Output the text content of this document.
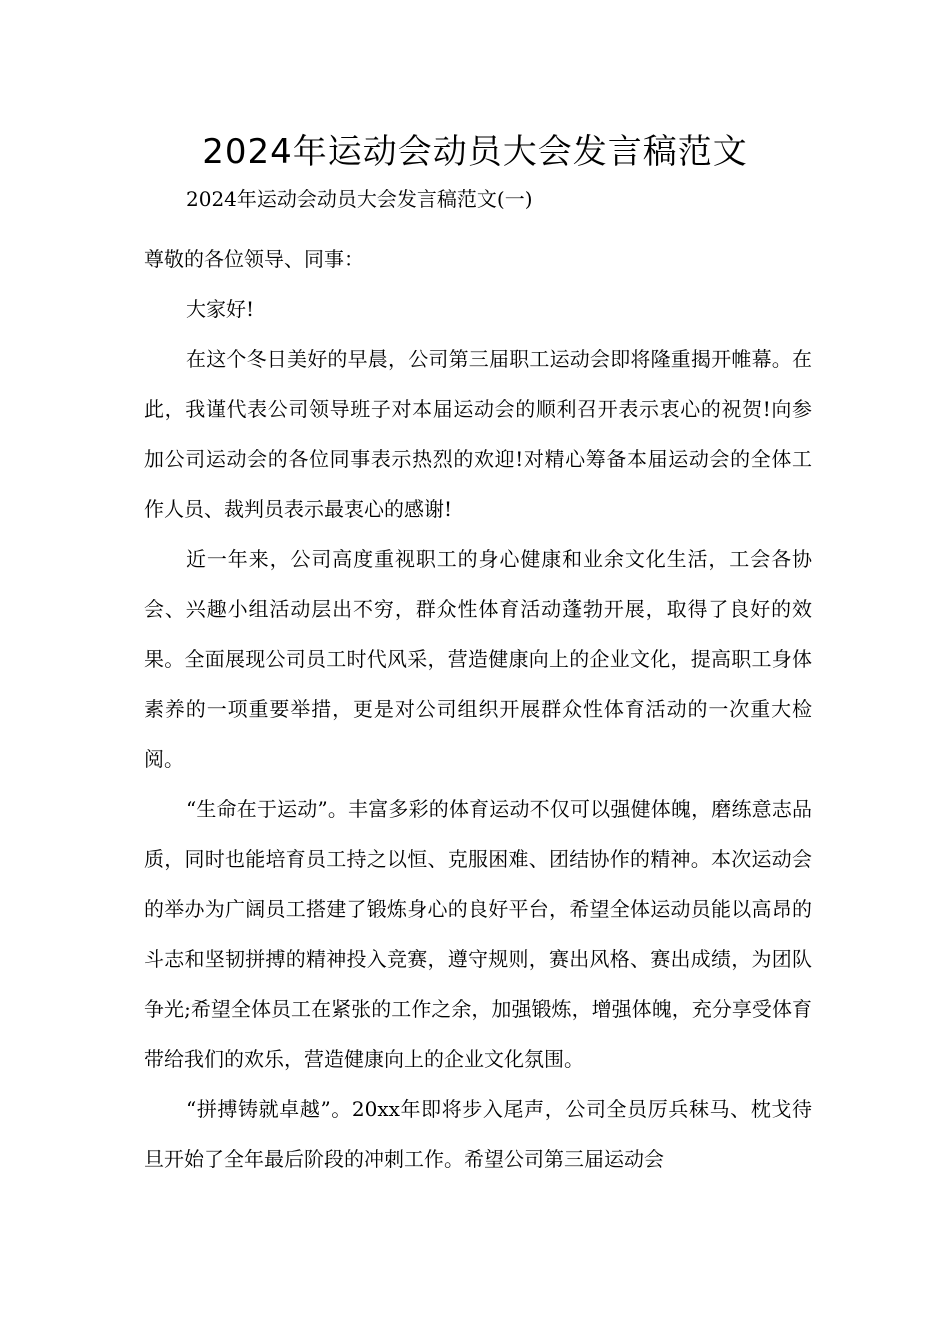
2024年运动会动员大会发言稿范文

2024年运动会动员大会发言稿范文(一)

尊敬的各位领导、同事：

大家好!

在这个冬日美好的早晨，公司第三届职工运动会即将隆重揭开帷幕。在此，我谨代表公司领导班子对本届运动会的顺利召开表示衷心的祝贺!向参加公司运动会的各位同事表示热烈的欢迎!对精心筹备本届运动会的全体工作人员、裁判员表示最衷心的感谢!

近一年来，公司高度重视职工的身心健康和业余文化生活，工会各协会、兴趣小组活动层出不穷，群众性体育活动蓬勃开展，取得了良好的效果。全面展现公司员工时代风采，营造健康向上的企业文化，提高职工身体素养的一项重要举措，更是对公司组织开展群众性体育活动的一次重大检阅。

“生命在于运动”。丰富多彩的体育运动不仅可以强健体魄，磨练意志品质，同时也能培育员工持之以恒、克服困难、团结协作的精神。本次运动会的举办为广阔员工搭建了锻炼身心的良好平台，希望全体运动员能以高昂的斗志和坚韧拼搏的精神投入竞赛，遵守规则，赛出风格、赛出成绩，为团队争光;希望全体员工在紧张的工作之余，加强锻炼，增强体魄，充分享受体育带给我们的欢乐，营造健康向上的企业文化氛围。

“拼搏铸就卓越”。20xx年即将步入尾声，公司全员厉兵秣马、枕戈待旦开始了全年最后阶段的冲刺工作。希望公司第三届运动会
